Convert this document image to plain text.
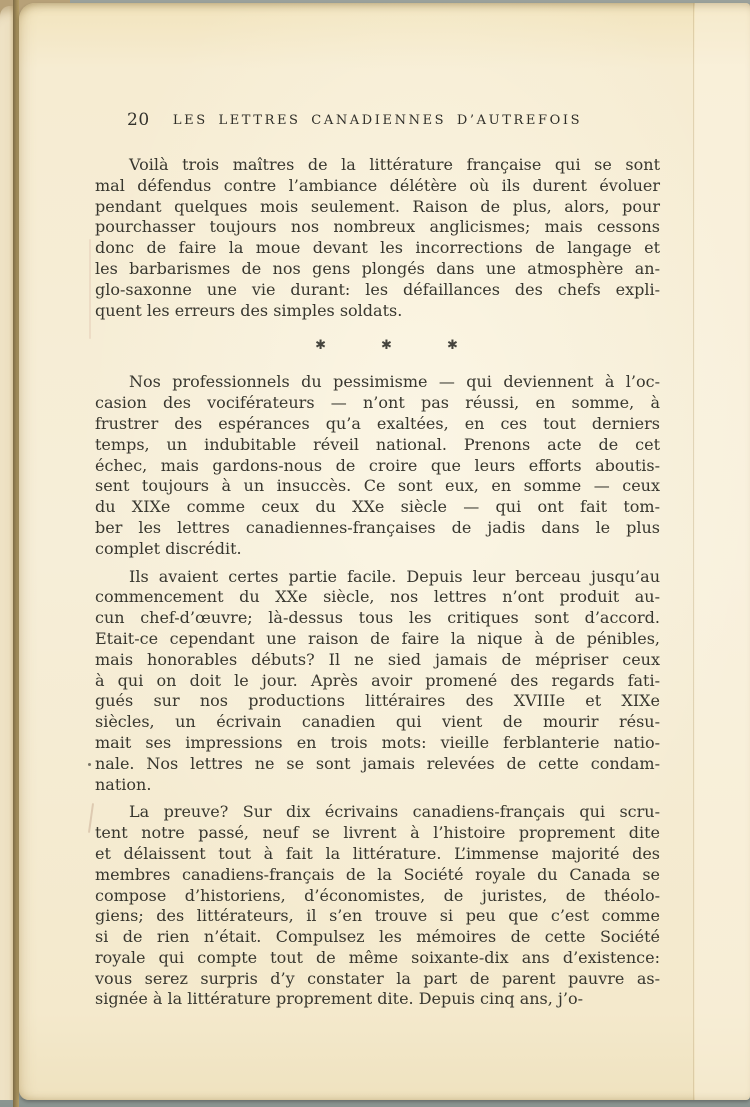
20	LES LETTRES CANADIENNES D’AUTREFOIS
Voilà trois maîtres de la littérature française qui se sont
mal défendus contre l’ambiance délétère où ils durent évoluer
pendant quelques mois seulement. Raison de plus, alors, pour
pourchasser toujours nos nombreux anglicismes; mais cessons
donc de faire la moue devant les incorrections de langage et
les barbarismes de nos gens plongés dans une atmosphère an-
glo-saxonne une vie durant: les défaillances des chefs expli-
quent les erreurs des simples soldats.
✱	✱	✱
Nos professionnels du pessimisme — qui deviennent à l’oc-
casion des vociférateurs — n’ont pas réussi, en somme, à
frustrer des espérances qu’a exaltées, en ces tout derniers
temps, un indubitable réveil national. Prenons acte de cet
échec, mais gardons-nous de croire que leurs efforts aboutis-
sent toujours à un insuccès. Ce sont eux, en somme — ceux
du XIXe comme ceux du XXe siècle — qui ont fait tom-
ber les lettres canadiennes-françaises de jadis dans le plus
complet discrédit.
Ils avaient certes partie facile. Depuis leur berceau jusqu’au
commencement du XXe siècle, nos lettres n’ont produit au-
cun chef-d’œuvre; là-dessus tous les critiques sont d’accord.
Etait-ce cependant une raison de faire la nique à de pénibles,
mais honorables débuts? Il ne sied jamais de mépriser ceux
à qui on doit le jour. Après avoir promené des regards fati-
gués sur nos productions littéraires des XVIIIe et XIXe
siècles, un écrivain canadien qui vient de mourir résu-
mait ses impressions en trois mots: vieille ferblanterie natio-
nale. Nos lettres ne se sont jamais relevées de cette condam-
nation.
La preuve? Sur dix écrivains canadiens-français qui scru-
tent notre passé, neuf se livrent à l’histoire proprement dite
et délaissent tout à fait la littérature. L’immense majorité des
membres canadiens-français de la Société royale du Canada se
compose d’historiens, d’économistes, de juristes, de théolo-
giens; des littérateurs, il s’en trouve si peu que c’est comme
si de rien n’était. Compulsez les mémoires de cette Société
royale qui compte tout de même soixante-dix ans d’existence:
vous serez surpris d’y constater la part de parent pauvre as-
signée à la littérature proprement dite. Depuis cinq ans, j’o-
